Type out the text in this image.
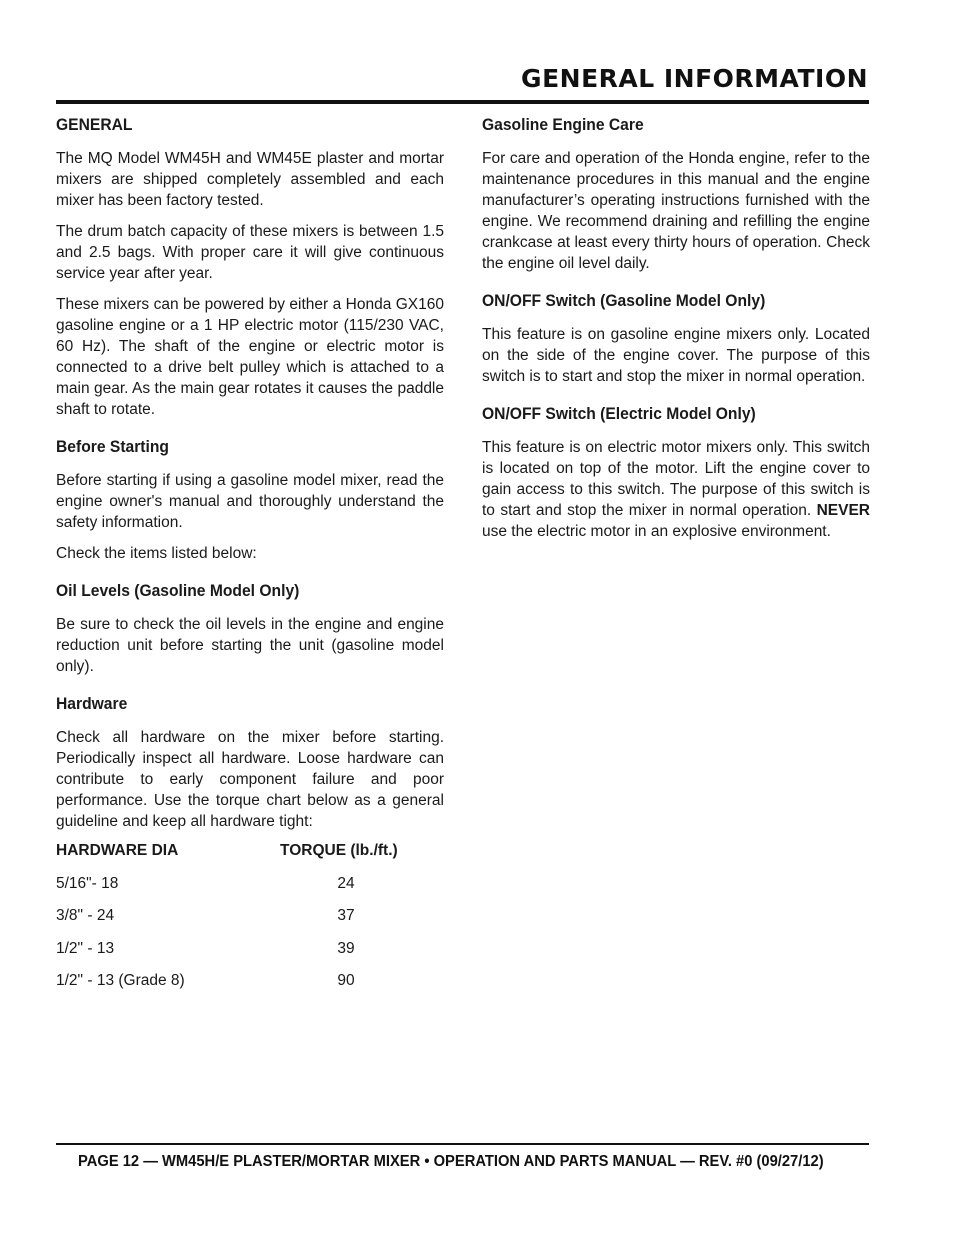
GENERAL INFORMATION
GENERAL

The MQ Model WM45H and WM45E plaster and mortar mixers are shipped completely assembled and each mixer has been factory tested.

The drum batch capacity of these mixers is between 1.5 and 2.5 bags. With proper care it will give continuous service year after year.

These mixers can be powered by either a Honda GX160 gasoline engine or a 1 HP electric motor (115/230 VAC, 60 Hz). The shaft of the engine or electric motor is connected to a drive belt pulley which is attached to a main gear. As the main gear rotates it causes the paddle shaft to rotate.

Before Starting

Before starting if using a gasoline model mixer, read the engine owner's manual and thoroughly understand the safety information.

Check the items listed below:

Oil Levels (Gasoline Model Only)

Be sure to check the oil levels in the engine and engine reduction unit before starting the unit (gasoline model only).

Hardware

Check all hardware on the mixer before starting. Periodically inspect all hardware. Loose hardware can contribute to early component failure and poor performance. Use the torque chart below as a general guideline and keep all hardware tight:

HARDWARE DIA	TORQUE (lb./ft.)
5/16"- 18	24
3/8" - 24	37
1/2" - 13	39
1/2" - 13 (Grade 8)	90
Gasoline Engine Care

For care and operation of the Honda engine, refer to the maintenance procedures in this manual and the engine manufacturer’s operating instructions furnished with the engine. We recommend draining and refilling the engine crankcase at least every thirty hours of operation. Check the engine oil level daily.

ON/OFF Switch (Gasoline Model Only)

This feature is on gasoline engine mixers only. Located on the side of the engine cover. The purpose of this switch is to start and stop the mixer in normal operation.

ON/OFF Switch (Electric Model Only)

This feature is on electric motor mixers only. This switch is located on top of the motor. Lift the engine cover to gain access to this switch. The purpose of this switch is to start and stop the mixer in normal operation. NEVER use the electric motor in an explosive environment.

PAGE 12 — WM45H/E PLASTER/MORTAR MIXER • OPERATION AND PARTS MANUAL — REV. #0 (09/27/12)
